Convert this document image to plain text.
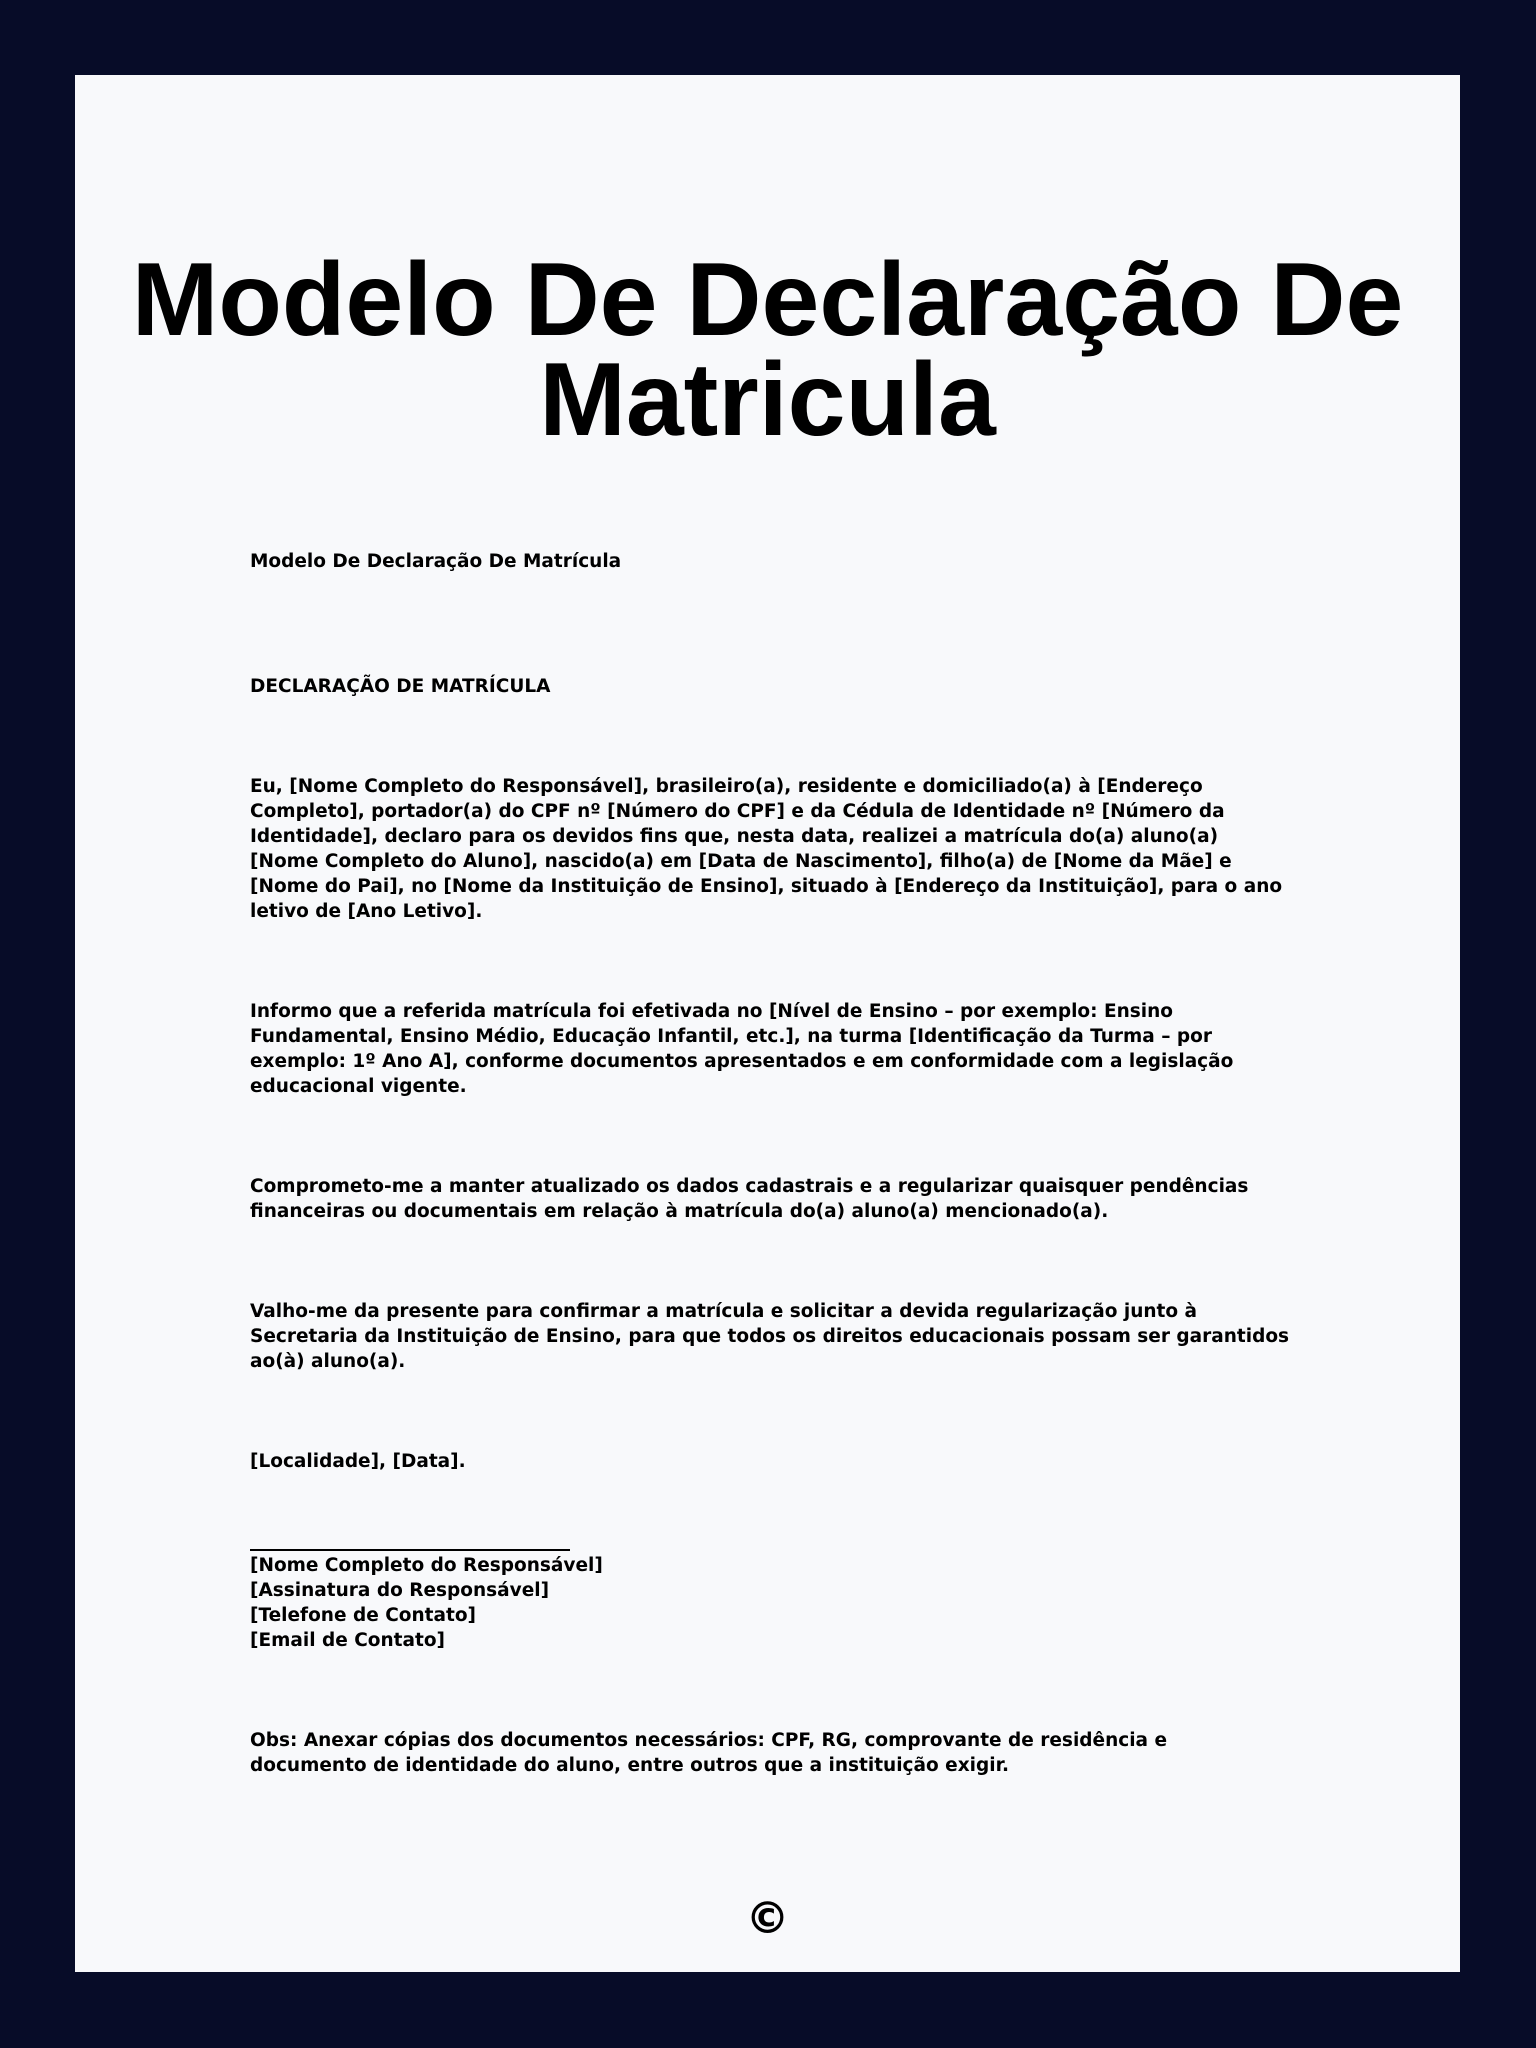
Modelo De Declaração De Matricula

Modelo De Declaração De Matrícula

DECLARAÇÃO DE MATRÍCULA

Eu, [Nome Completo do Responsável], brasileiro(a), residente e domiciliado(a) à [Endereço Completo], portador(a) do CPF nº [Número do CPF] e da Cédula de Identidade nº [Número da Identidade], declaro para os devidos fins que, nesta data, realizei a matrícula do(a) aluno(a) [Nome Completo do Aluno], nascido(a) em [Data de Nascimento], filho(a) de [Nome da Mãe] e [Nome do Pai], no [Nome da Instituição de Ensino], situado à [Endereço da Instituição], para o ano letivo de [Ano Letivo].

Informo que a referida matrícula foi efetivada no [Nível de Ensino – por exemplo: Ensino Fundamental, Ensino Médio, Educação Infantil, etc.], na turma [Identificação da Turma – por exemplo: 1º Ano A], conforme documentos apresentados e em conformidade com a legislação educacional vigente.

Comprometo-me a manter atualizado os dados cadastrais e a regularizar quaisquer pendências financeiras ou documentais em relação à matrícula do(a) aluno(a) mencionado(a).

Valho-me da presente para confirmar a matrícula e solicitar a devida regularização junto à Secretaria da Instituição de Ensino, para que todos os direitos educacionais possam ser garantidos ao(à) aluno(a).

[Localidade], [Data].

[Nome Completo do Responsável]

[Assinatura do Responsável]

[Telefone de Contato]

[Email de Contato]

Obs: Anexar cópias dos documentos necessários: CPF, RG, comprovante de residência e documento de identidade do aluno, entre outros que a instituição exigir.

©
